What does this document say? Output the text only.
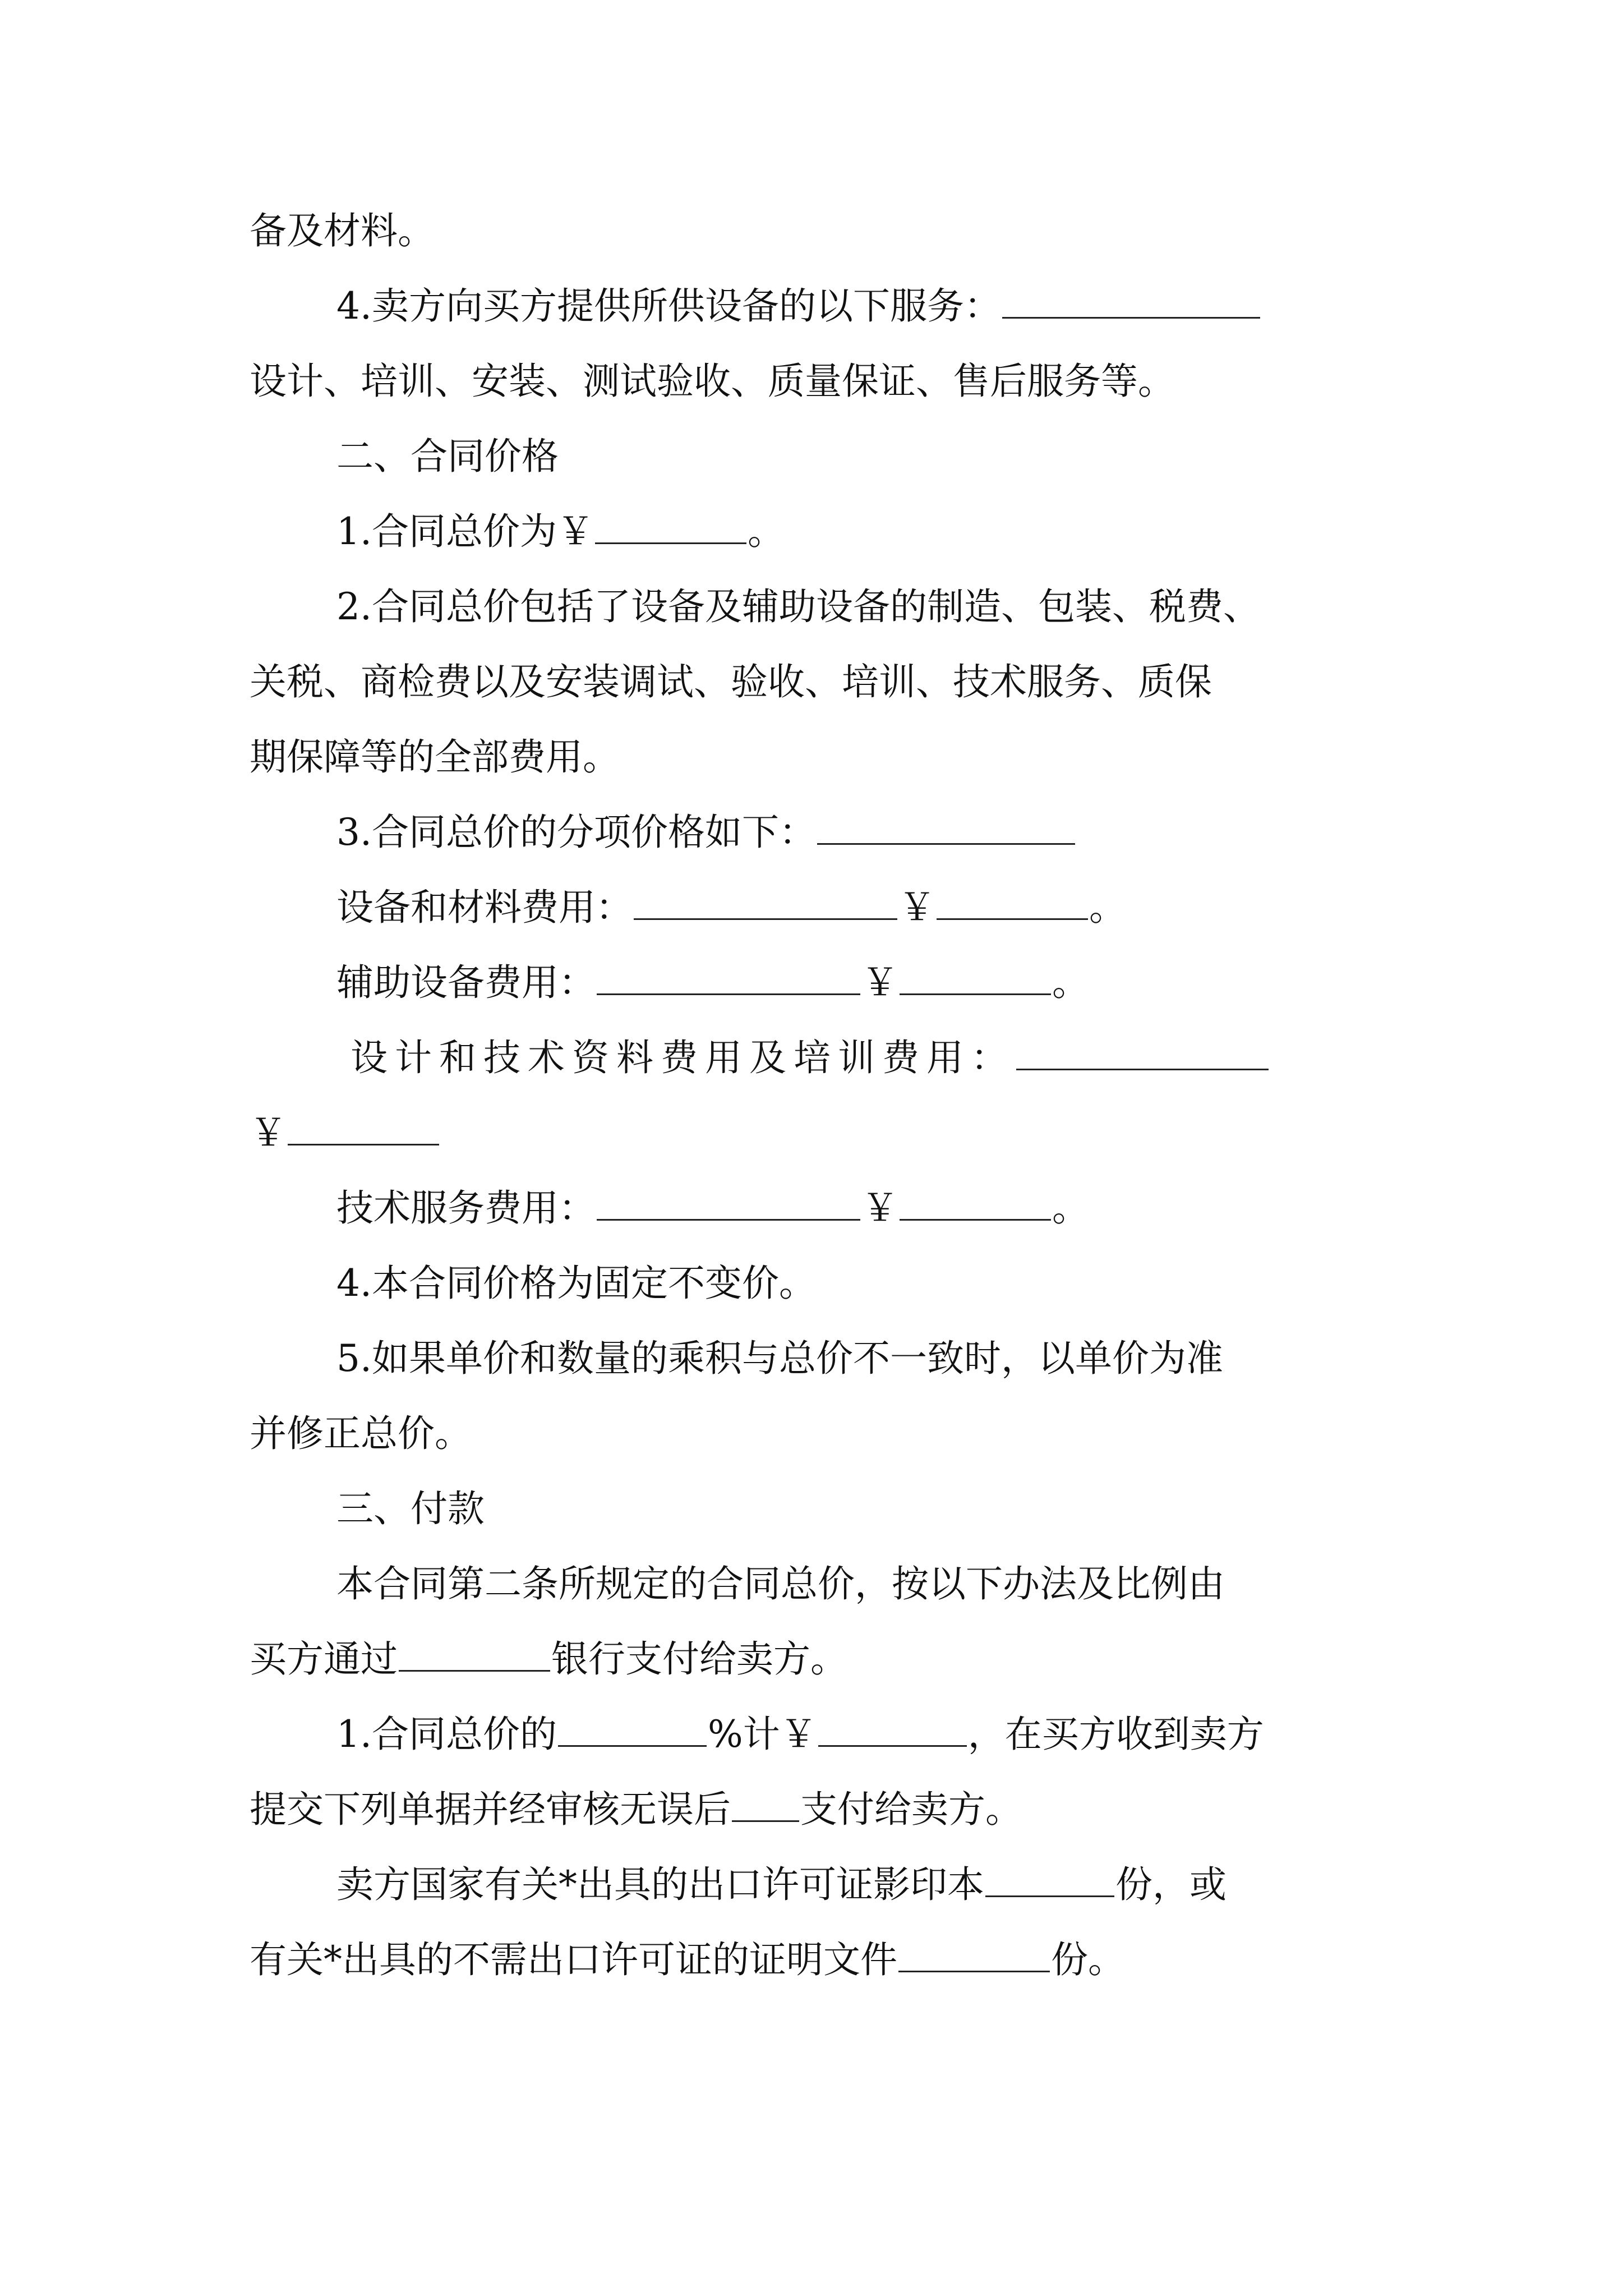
备及材料。
4.卖方向买方提供所供设备的以下服务：
设计、培训、安装、测试验收、质量保证、售后服务等。
二、合同价格
1.合同总价为￥	。
2.合同总价包括了设备及辅助设备的制造、包装、税费、
关税、商检费以及安装调试、验收、培训、技术服务、质保
期保障等的全部费用。
3.合同总价的分项价格如下：
设备和材料费用：	￥	。
辅助设备费用：	￥	。
设计和技术资料费用及培训费用：
￥
技术服务费用：	￥	。
4.本合同价格为固定不变价。
5.如果单价和数量的乘积与总价不一致时，以单价为准
并修正总价。
三、付款
本合同第二条所规定的合同总价，按以下办法及比例由
买方通过	银行支付给卖方。
1.合同总价的	%计￥	，在买方收到卖方
提交下列单据并经审核无误后 支付给卖方。
卖方国家有关*出具的出口许可证影印本	份，或
有关*出具的不需出口许可证的证明文件	份。
